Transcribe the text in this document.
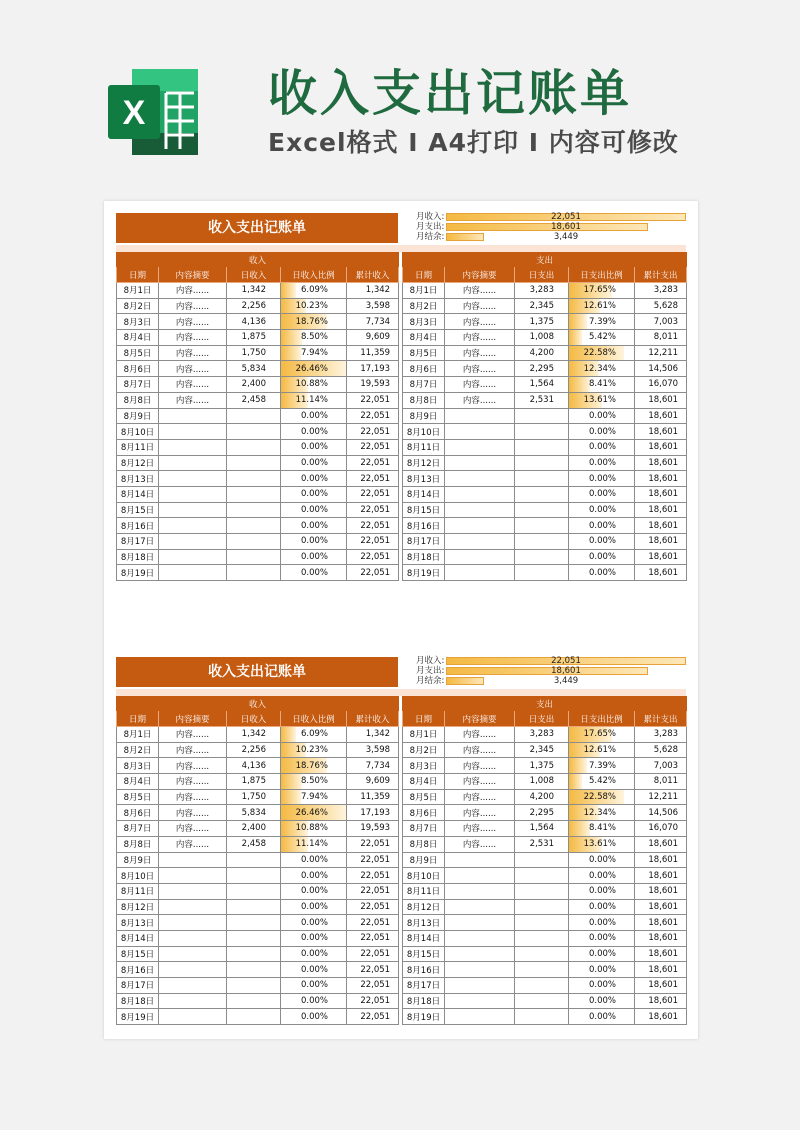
X	收入支出记账单
Excel格式 I A4打印 I 内容可修改
收入支出记账单
月收入:	22,051
月支出:	18,601
月结余:	3,449
收入				
日期	内容摘要	日收入	日收入比例	累计收入
8月1日	内容......	1,342	6.09%	1,342
8月2日	内容......	2,256	10.23%	3,598
8月3日	内容......	4,136	18.76%	7,734
8月4日	内容......	1,875	8.50%	9,609
8月5日	内容......	1,750	7.94%	11,359
8月6日	内容......	5,834	26.46%	17,193
8月7日	内容......	2,400	10.88%	19,593
8月8日	内容......	2,458	11.14%	22,051
8月9日			0.00%	22,051
8月10日			0.00%	22,051
8月11日			0.00%	22,051
8月12日			0.00%	22,051
8月13日			0.00%	22,051
8月14日			0.00%	22,051
8月15日			0.00%	22,051
8月16日			0.00%	22,051
8月17日			0.00%	22,051
8月18日			0.00%	22,051
8月19日			0.00%	22,051
支出				
日期	内容摘要	日支出	日支出比例	累计支出
8月1日	内容......	3,283	17.65%	3,283
8月2日	内容......	2,345	12.61%	5,628
8月3日	内容......	1,375	7.39%	7,003
8月4日	内容......	1,008	5.42%	8,011
8月5日	内容......	4,200	22.58%	12,211
8月6日	内容......	2,295	12.34%	14,506
8月7日	内容......	1,564	8.41%	16,070
8月8日	内容......	2,531	13.61%	18,601
8月9日			0.00%	18,601
8月10日			0.00%	18,601
8月11日			0.00%	18,601
8月12日			0.00%	18,601
8月13日			0.00%	18,601
8月14日			0.00%	18,601
8月15日			0.00%	18,601
8月16日			0.00%	18,601
8月17日			0.00%	18,601
8月18日			0.00%	18,601
8月19日			0.00%	18,601
收入支出记账单
月收入:	22,051
月支出:	18,601
月结余:	3,449
收入				
日期	内容摘要	日收入	日收入比例	累计收入
8月1日	内容......	1,342	6.09%	1,342
8月2日	内容......	2,256	10.23%	3,598
8月3日	内容......	4,136	18.76%	7,734
8月4日	内容......	1,875	8.50%	9,609
8月5日	内容......	1,750	7.94%	11,359
8月6日	内容......	5,834	26.46%	17,193
8月7日	内容......	2,400	10.88%	19,593
8月8日	内容......	2,458	11.14%	22,051
8月9日			0.00%	22,051
8月10日			0.00%	22,051
8月11日			0.00%	22,051
8月12日			0.00%	22,051
8月13日			0.00%	22,051
8月14日			0.00%	22,051
8月15日			0.00%	22,051
8月16日			0.00%	22,051
8月17日			0.00%	22,051
8月18日			0.00%	22,051
8月19日			0.00%	22,051
支出				
日期	内容摘要	日支出	日支出比例	累计支出
8月1日	内容......	3,283	17.65%	3,283
8月2日	内容......	2,345	12.61%	5,628
8月3日	内容......	1,375	7.39%	7,003
8月4日	内容......	1,008	5.42%	8,011
8月5日	内容......	4,200	22.58%	12,211
8月6日	内容......	2,295	12.34%	14,506
8月7日	内容......	1,564	8.41%	16,070
8月8日	内容......	2,531	13.61%	18,601
8月9日			0.00%	18,601
8月10日			0.00%	18,601
8月11日			0.00%	18,601
8月12日			0.00%	18,601
8月13日			0.00%	18,601
8月14日			0.00%	18,601
8月15日			0.00%	18,601
8月16日			0.00%	18,601
8月17日			0.00%	18,601
8月18日			0.00%	18,601
8月19日			0.00%	18,601
